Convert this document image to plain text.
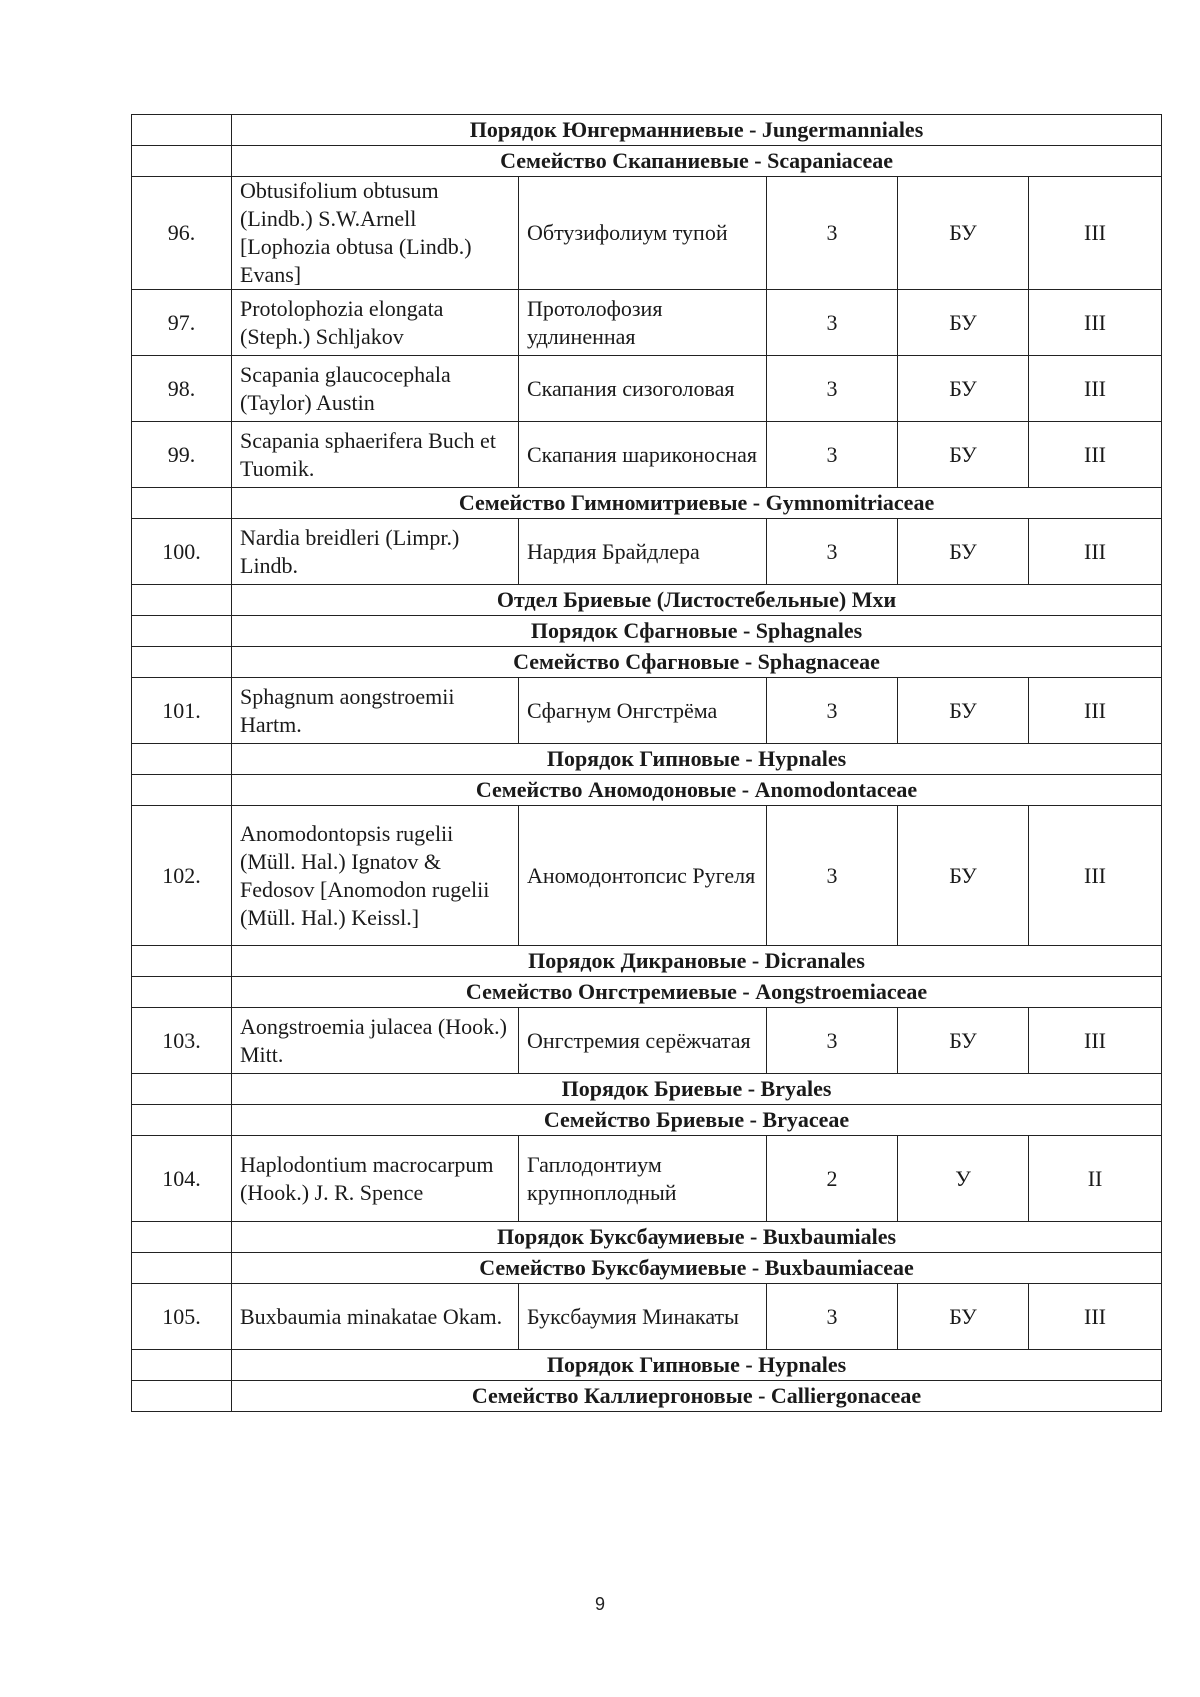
	Порядок Юнгерманниевые - Jungermanniales				
	Семейство Скапаниевые - Scapaniaceae				
96.	Obtusifolium obtusum (Lindb.) S.W.Arnell [Lophozia obtusa (Lindb.) Evans]	Обтузифолиум тупой	3	БУ	III
97.	Protolophozia elongata (Steph.) Schljakov	Протолофозия удлиненная	3	БУ	III
98.	Scapania glaucocephala (Taylor) Austin	Скапания сизоголовая	3	БУ	III
99.	Scapania sphaerifera Buch et Tuomik.	Скапания шариконосная	3	БУ	III
	Семейство Гимномитриевые - Gymnomitriaceae				
100.	Nardia breidleri (Limpr.) Lindb.	Нардия Брайдлера	3	БУ	III
	Отдел Бриевые (Листостебельные) Мхи				
	Порядок Сфагновые - Sphagnales				
	Семейство Сфагновые - Sphagnaceae				
101.	Sphagnum aongstroemii Hartm.	Сфагнум Онгстрёма	3	БУ	III
	Порядок Гипновые - Hypnales				
	Семейство Аномодоновые - Anomodontaceae				
102.	Anomodontopsis rugelii (Müll. Hal.) Ignatov & Fedosov [Anomodon rugelii (Müll. Hal.) Keissl.]	Аномодонтопсис Ругеля	3	БУ	III
	Порядок Дикрановые - Dicranales				
	Семейство Онгстремиевые - Aongstroemiaceae				
103.	Aongstroemia julacea (Hook.) Mitt.	Онгстремия серёжчатая	3	БУ	III
	Порядок Бриевые - Bryales				
	Семейство Бриевые - Bryaceae				
104.	Haplodontium macrocarpum (Hook.) J. R. Spence	Гаплодонтиум крупноплодный	2	У	II
	Порядок Буксбаумиевые - Buxbaumiales				
	Семейство Буксбаумиевые - Buxbaumiaceae				
105.	Buxbaumia minakatae Okam.	Буксбаумия Минакаты	3	БУ	III
	Порядок Гипновые - Hypnales				
	Семейство Каллиергоновые - Calliergonaceae				
9
